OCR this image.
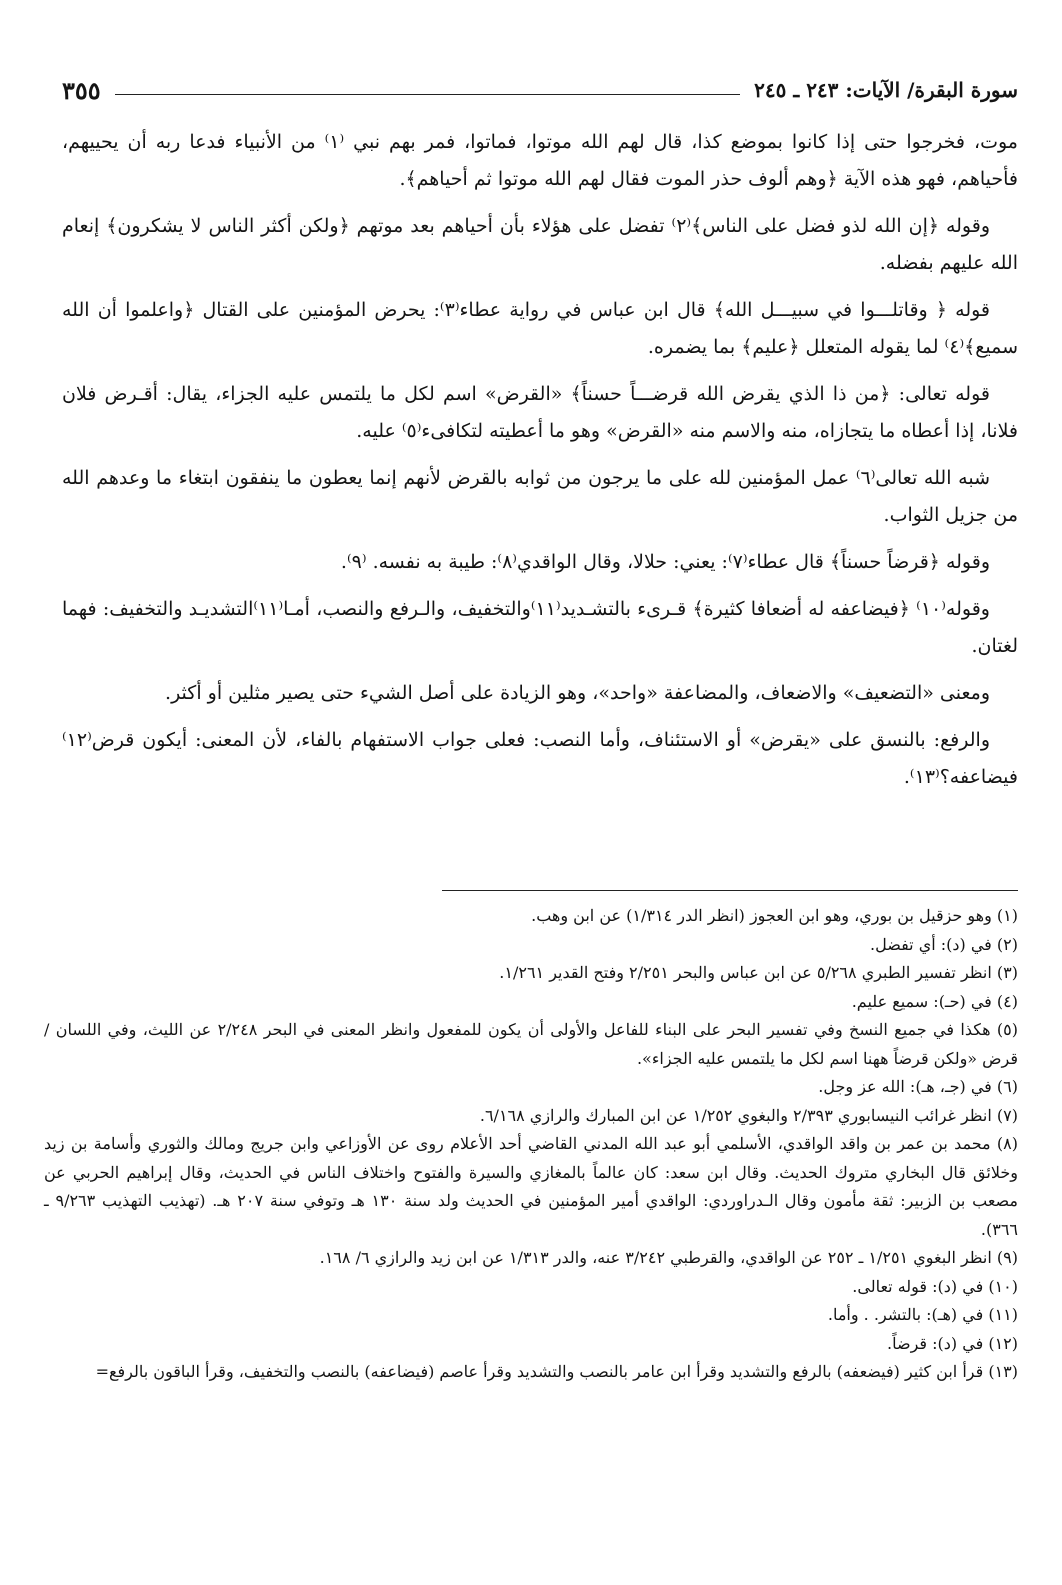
سورة البقرة/ الآيات: ٢٤٣ ـ ٢٤٥
٣٥٥

موت، فخرجوا حتى إذا كانوا بموضع كذا، قال لهم الله موتوا، فماتوا، فمر بهم نبي ⁽١⁾ من الأنبياء فدعا ربه أن يحييهم، فأحياهم، فهو هذه الآية ﴿وهم ألوف حذر الموت فقال لهم الله موتوا ثم أحياهم﴾.

وقوله ﴿إن الله لذو فضل على الناس﴾⁽٢⁾ تفضل على هؤلاء بأن أحياهم بعد موتهم ﴿ولكن أكثر الناس لا يشكرون﴾ إنعام الله عليهم بفضله.

قوله ﴿ وقاتلـــوا في سبيـــل الله﴾ قال ابن عباس في رواية عطاء⁽٣⁾: يحرض المؤمنين على القتال ﴿واعلموا أن الله سميع﴾⁽٤⁾ لما يقوله المتعلل ﴿عليم﴾ بما يضمره.

قوله تعالى: ﴿من ذا الذي يقرض الله قرضـــاً حسناً﴾ «القرض» اسم لكل ما يلتمس عليه الجزاء، يقال: أقـرض فلان فلانا، إذا أعطاه ما يتجازاه، منه والاسم منه «القرض» وهو ما أعطيته لتكافىء⁽٥⁾ عليه.

شبه الله تعالى⁽٦⁾ عمل المؤمنين لله على ما يرجون من ثوابه بالقرض لأنهم إنما يعطون ما ينفقون ابتغاء ما وعدهم الله من جزيل الثواب.

وقوله ﴿قرضاً حسناً﴾ قال عطاء⁽٧⁾: يعني: حلالا، وقال الواقدي⁽٨⁾: طيبة به نفسه. ⁽٩⁾.

وقوله⁽١٠⁾ ﴿فيضاعفه له أضعافا كثيرة﴾ قـرىء بالتشـديد⁽١١⁾والتخفيف، والـرفع والنصب، أمـا⁽١١⁾التشديـد والتخفيف: فهما لغتان.

ومعنى «التضعيف» والاضعاف، والمضاعفة «واحد»، وهو الزيادة على أصل الشيء حتى يصير مثلين أو أكثر.

والرفع: بالنسق على «يقرض» أو الاستئناف، وأما النصب: فعلى جواب الاستفهام بالفاء، لأن المعنى: أيكون قرض⁽١٢⁾ فيضاعفه؟⁽١٣⁾.

(١) وهو حزقيل بن بوري، وهو ابن العجوز (انظر الدر ١/٣١٤) عن ابن وهب.

(٢) في (د): أي تفضل.

(٣) انظر تفسير الطبري ٥/٢٦٨ عن ابن عباس والبحر ٢/٢٥١ وفتح القدير ١/٢٦١.

(٤) في (حـ): سميع عليم.

(٥) هكذا في جميع النسخ وفي تفسير البحر على البناء للفاعل والأولى أن يكون للمفعول وانظر المعنى في البحر ٢/٢٤٨ عن الليث، وفي اللسان / قرض «ولكن قرضاً ههنا اسم لكل ما يلتمس عليه الجزاء».

(٦) في (جـ، هـ): الله عز وجل.

(٧) انظر غرائب النيسابوري ٢/٣٩٣ والبغوي ١/٢٥٢ عن ابن المبارك والرازي ٦/١٦٨.

(٨) محمد بن عمر بن واقد الواقدي، الأسلمي أبو عبد الله المدني القاضي أحد الأعلام روى عن الأوزاعي وابن جريج ومالك والثوري وأسامة بن زيد وخلائق قال البخاري متروك الحديث. وقال ابن سعد: كان عالماً بالمغازي والسيرة والفتوح واختلاف الناس في الحديث، وقال إبراهيم الحربي عن مصعب بن الزبير: ثقة مأمون وقال الـدراوردي: الواقدي أمير المؤمنين في الحديث ولد سنة ١٣٠ هـ وتوفي سنة ٢٠٧ هـ. (تهذيب التهذيب ٩/٢٦٣ ـ ٣٦٦).

(٩) انظر البغوي ١/٢٥١ ـ ٢٥٢ عن الواقدي، والقرطبي ٣/٢٤٢ عنه، والدر ١/٣١٣ عن ابن زيد والرازي ٦/ ١٦٨.

(١٠) في (د): قوله تعالى.

(١١) في (هـ): بالتشر. . وأما.

(١٢) في (د): قرضاً.

(١٣) قرأ ابن كثير (فيضعفه) بالرفع والتشديد وقرأ ابن عامر بالنصب والتشديد وقرأ عاصم (فيضاعفه) بالنصب والتخفيف، وقرأ الباقون بالرفع=
